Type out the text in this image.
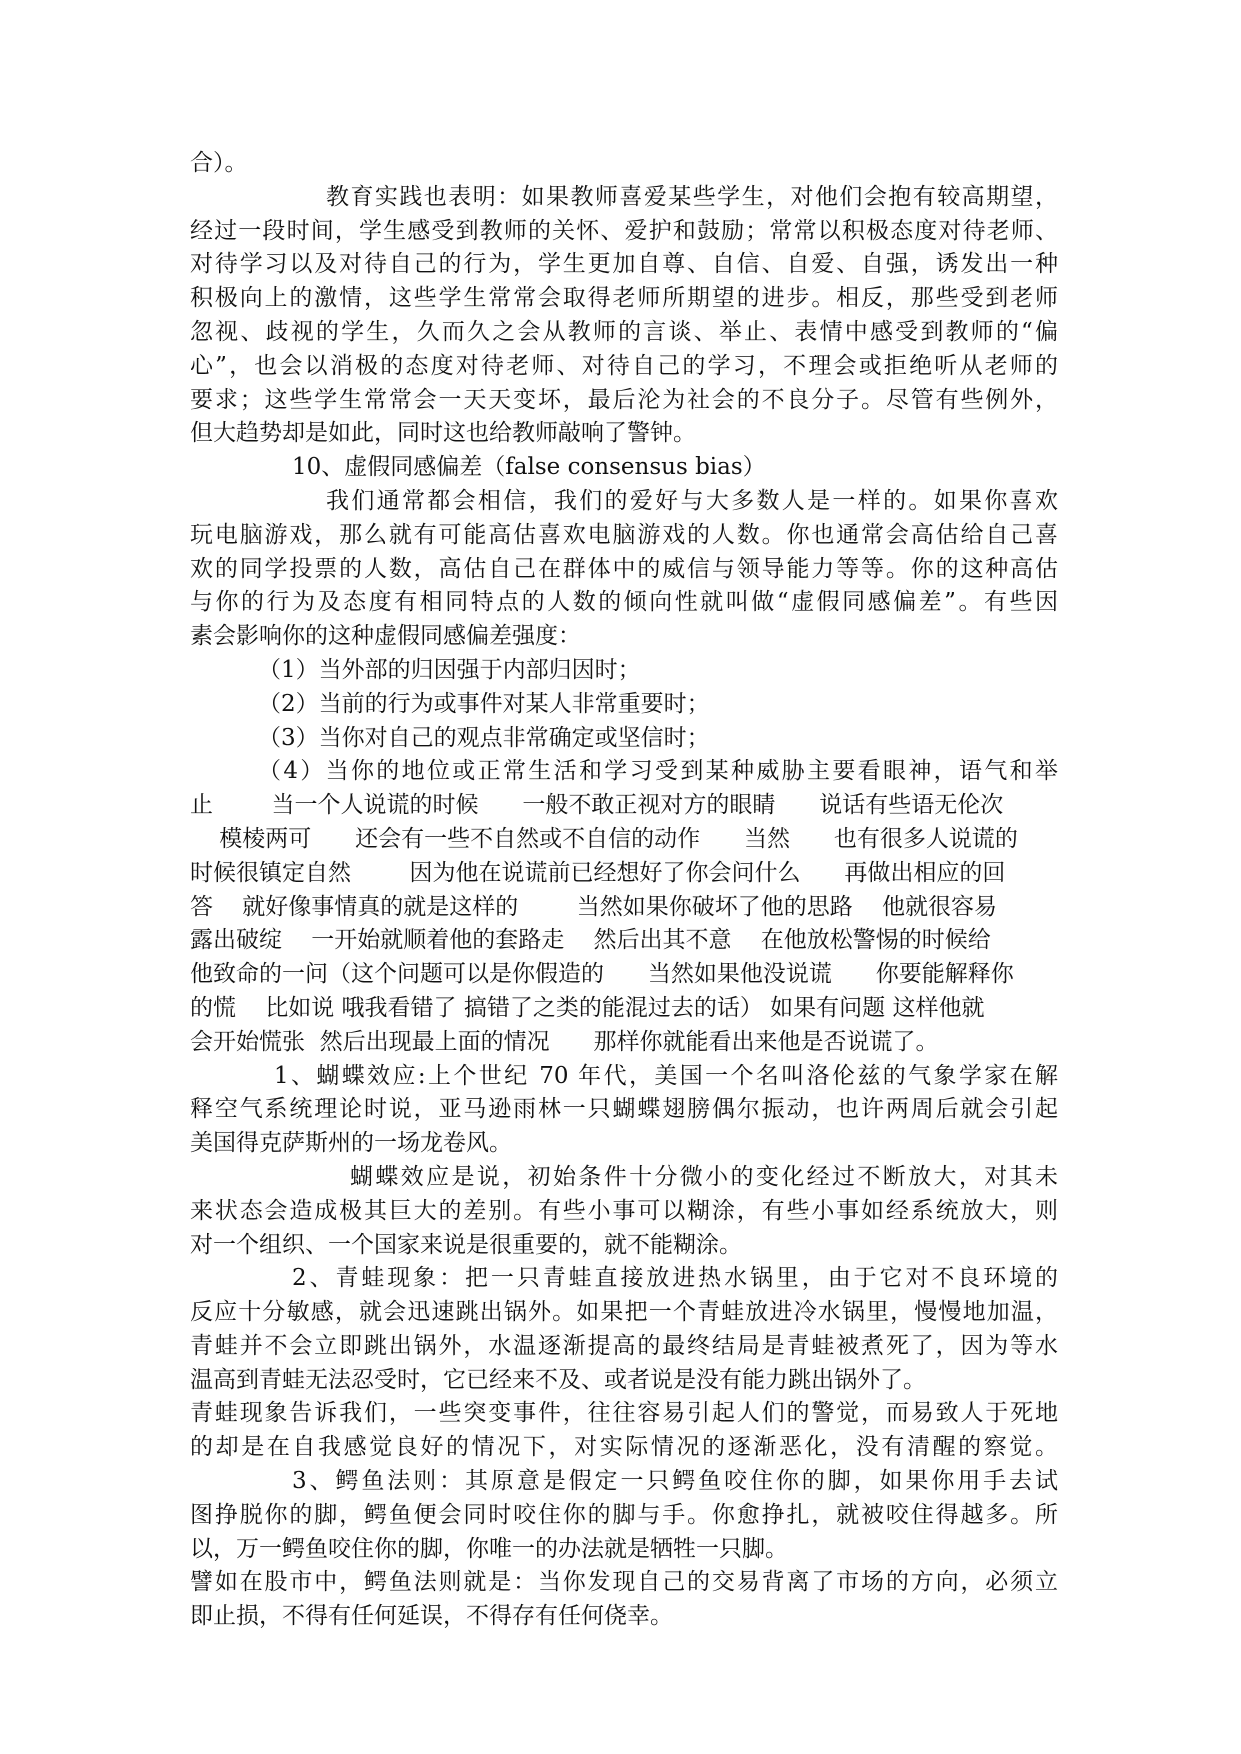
合）。
教育实践也表明：如果教师喜爱某些学生，对他们会抱有较高期望，
经过一段时间，学生感受到教师的关怀、爱护和鼓励；常常以积极态度对待老师、
对待学习以及对待自己的行为，学生更加自尊、自信、自爱、自强，诱发出一种
积极向上的激情，这些学生常常会取得老师所期望的进步。相反，那些受到老师
忽视、歧视的学生，久而久之会从教师的言谈、举止、表情中感受到教师的“偏
心”，也会以消极的态度对待老师、对待自己的学习，不理会或拒绝听从老师的
要求；这些学生常常会一天天变坏，最后沦为社会的不良分子。尽管有些例外，
但大趋势却是如此，同时这也给教师敲响了警钟。
10、虚假同感偏差（false consensus bias）
我们通常都会相信，我们的爱好与大多数人是一样的。如果你喜欢
玩电脑游戏，那么就有可能高估喜欢电脑游戏的人数。你也通常会高估给自己喜
欢的同学投票的人数，高估自己在群体中的威信与领导能力等等。你的这种高估
与你的行为及态度有相同特点的人数的倾向性就叫做“虚假同感偏差”。有些因
素会影响你的这种虚假同感偏差强度：
（1）当外部的归因强于内部归因时；
（2）当前的行为或事件对某人非常重要时；
（3）当你对自己的观点非常确定或坚信时；
（4）当你的地位或正常生活和学习受到某种威胁主要看眼神，语气和举
止        当一个人说谎的时候      一般不敢正视对方的眼睛      说话有些语无伦次
模棱两可      还会有一些不自然或不自信的动作      当然      也有很多人说谎的
时候很镇定自然        因为他在说谎前已经想好了你会问什么      再做出相应的回
答    就好像事情真的就是这样的        当然如果你破坏了他的思路    他就很容易
露出破绽    一开始就顺着他的套路走    然后出其不意    在他放松警惕的时候给
他致命的一问（这个问题可以是你假造的      当然如果他没说谎      你要能解释你
的慌    比如说 哦我看错了 搞错了之类的能混过去的话） 如果有问题 这样他就
会开始慌张  然后出现最上面的情况      那样你就能看出来他是否说谎了。
1、蝴蝶效应:上个世纪 70 年代，美国一个名叫洛伦兹的气象学家在解
释空气系统理论时说，亚马逊雨林一只蝴蝶翅膀偶尔振动，也许两周后就会引起
美国得克萨斯州的一场龙卷风。
蝴蝶效应是说，初始条件十分微小的变化经过不断放大，对其未
来状态会造成极其巨大的差别。有些小事可以糊涂，有些小事如经系统放大，则
对一个组织、一个国家来说是很重要的，就不能糊涂。
2、青蛙现象：把一只青蛙直接放进热水锅里，由于它对不良环境的
反应十分敏感，就会迅速跳出锅外。如果把一个青蛙放进冷水锅里，慢慢地加温，
青蛙并不会立即跳出锅外，水温逐渐提高的最终结局是青蛙被煮死了，因为等水
温高到青蛙无法忍受时，它已经来不及、或者说是没有能力跳出锅外了。
青蛙现象告诉我们，一些突变事件，往往容易引起人们的警觉，而易致人于死地
的却是在自我感觉良好的情况下，对实际情况的逐渐恶化，没有清醒的察觉。
3、鳄鱼法则：其原意是假定一只鳄鱼咬住你的脚，如果你用手去试
图挣脱你的脚，鳄鱼便会同时咬住你的脚与手。你愈挣扎，就被咬住得越多。所
以，万一鳄鱼咬住你的脚，你唯一的办法就是牺牲一只脚。
譬如在股市中，鳄鱼法则就是：当你发现自己的交易背离了市场的方向，必须立
即止损，不得有任何延误，不得存有任何侥幸。
